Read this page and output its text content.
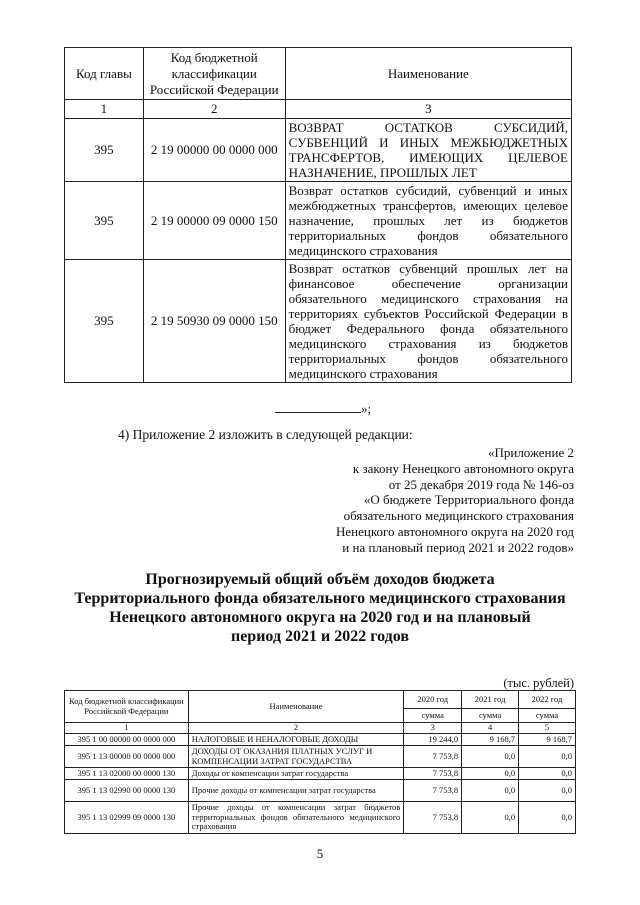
Код главы	Код бюджетной классификации Российской Федерации	Наименование
1	2	3
395	2 19 00000 00 0000 000	ВОЗВРАТ ОСТАТКОВ СУБСИДИЙ, СУБВЕНЦИЙ И ИНЫХ МЕЖБЮДЖЕТНЫХ ТРАНСФЕРТОВ, ИМЕЮЩИХ ЦЕЛЕВОЕ НАЗНАЧЕНИЕ, ПРОШЛЫХ ЛЕТ
395	2 19 00000 09 0000 150	Возврат остатков субсидий, субвенций и иных межбюджетных трансфертов, имеющих целевое назначение, прошлых лет из бюджетов территориальных фондов обязательного медицинского страхования
395	2 19 50930 09 0000 150	Возврат остатков субвенций прошлых лет на финансовое обеспечение организации обязательного медицинского страхования на территориях субъектов Российской Федерации в бюджет Федерального фонда обязательного медицинского страхования из бюджетов территориальных фондов обязательного медицинского страхования
»;
4) Приложение 2 изложить в следующей редакции:
«Приложение 2
к закону Ненецкого автономного округа
от 25 декабря 2019 года № 146-оз
«О бюджете Территориального фонда
обязательного медицинского страхования
Ненецкого автономного округа на 2020 год
и на плановый период 2021 и 2022 годов»
Прогнозируемый общий объём доходов бюджета
Территориального фонда обязательного медицинского страхования
Ненецкого автономного округа на 2020 год и на плановый
период 2021 и 2022 годов
(тыс. рублей)
Код бюджетной классификации Российской Федерации	Наименование	2020 год	2021 год	2022 год
		сумма	сумма	сумма
1	2	3	4	5
395 1 00 00000 00 0000 000	НАЛОГОВЫЕ И НЕНАЛОГОВЫЕ ДОХОДЫ	19 244,0	9 168,7	9 168,7
395 1 13 00000 00 0000 000	ДОХОДЫ ОТ ОКАЗАНИЯ ПЛАТНЫХ УСЛУГ И КОМПЕНСАЦИИ ЗАТРАТ ГОСУДАРСТВА	7 753,8	0,0	0,0
395 1 13 02000 00 0000 130	Доходы от компенсации затрат государства	7 753,8	0,0	0,0
395 1 13 02990 00 0000 130	Прочие доходы от компенсации затрат государства	7 753,8	0,0	0,0
395 1 13 02999 09 0000 130	Прочие доходы от компенсации затрат бюджетов территориальных фондов обязательного медицинского страхования	7 753,8	0,0	0,0
5
